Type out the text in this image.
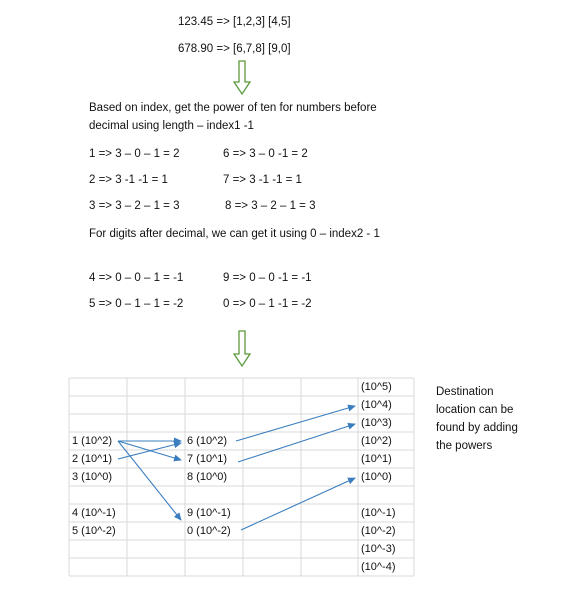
123.45 => [1,2,3] [4,5]
678.90 => [6,7,8] [9,0]
Based on index, get the power of ten for numbers before decimal using length – index1 -1
1 => 3 – 0 – 1 = 2
2 => 3 -1 -1 = 1
3 => 3 – 2 – 1 = 3
6 => 3 – 0 -1 = 2
7 => 3 -1 -1 = 1
8 => 3 – 2 – 1 = 3
For digits after decimal, we can get it using 0 – index2 - 1
4 => 0 – 0 – 1 = -1
5 => 0 – 1 – 1 = -2
9 => 0 – 0 -1 = -1
0 => 0 – 1 -1 = -2
1 (10^2)
2 (10^1)
3 (10^0)
4 (10^-1)
5 (10^-2)
6 (10^2)
7 (10^1)
8 (10^0)
9 (10^-1)
0 (10^-2)
(10^5)
(10^4)
(10^3)
(10^2)
(10^1)
(10^0)
(10^-1)
(10^-2)
(10^-3)
(10^-4)
Destination
location can be
found by adding
the powers
